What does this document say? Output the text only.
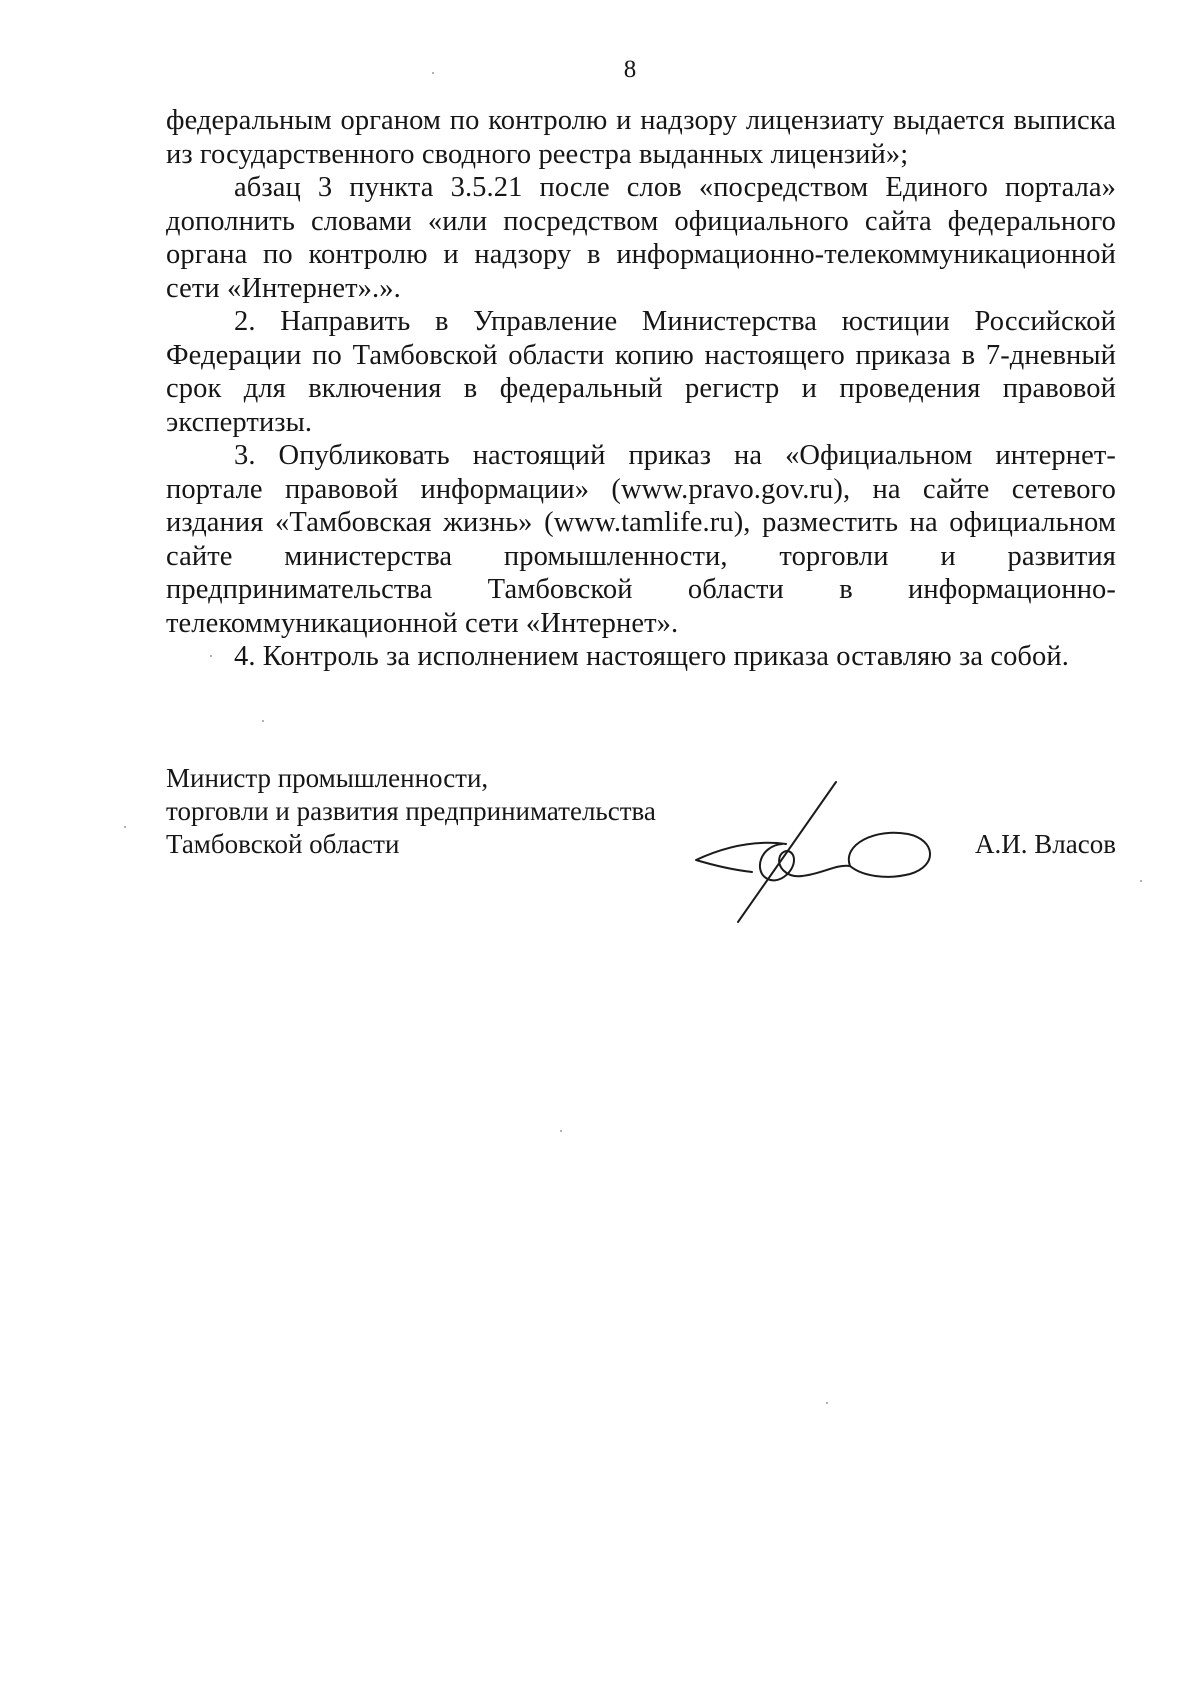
8

федеральным органом по контролю и надзору лицензиату выдается выписка из государственного сводного реестра выданных лицензий»;

абзац 3 пункта 3.5.21 после слов «посредством Единого портала» дополнить словами «или посредством официального сайта федерального органа по контролю и надзору в информационно-телекоммуникационной сети «Интернет».».

2. Направить в Управление Министерства юстиции Российской Федерации по Тамбовской области копию настоящего приказа в 7-дневный срок для включения в федеральный регистр и проведения правовой экспертизы.

3. Опубликовать настоящий приказ на «Официальном интернет-портале правовой информации» (www.pravo.gov.ru), на сайте сетевого издания «Тамбовская жизнь» (www.tamlife.ru), разместить на официальном сайте министерства промышленности, торговли и развития предпринимательства Тамбовской области в информационно-телекоммуникационной сети «Интернет».

4. Контроль за исполнением настоящего приказа оставляю за собой.

Министр промышленности,
торговли и развития предпринимательства
Тамбовской области	А.И. Власов
